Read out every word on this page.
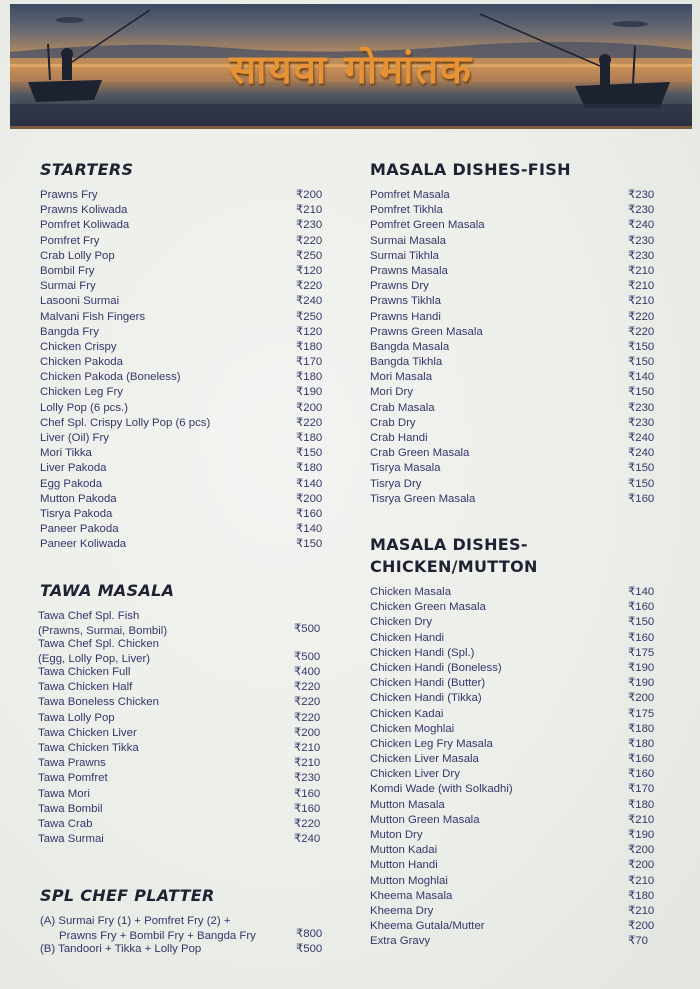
सायवा गोमांतक
STARTERS
Prawns Fry	₹200
Prawns Koliwada	₹210
Pomfret Koliwada	₹230
Pomfret Fry	₹220
Crab Lolly Pop	₹250
Bombil Fry	₹120
Surmai Fry	₹220
Lasooni Surmai	₹240
Malvani Fish Fingers	₹250
Bangda Fry	₹120
Chicken Crispy	₹180
Chicken Pakoda	₹170
Chicken Pakoda (Boneless)	₹180
Chicken Leg Fry	₹190
Lolly Pop (6 pcs.)	₹200
Chef Spl. Crispy Lolly Pop (6 pcs)	₹220
Liver (Oil) Fry	₹180
Mori Tikka	₹150
Liver Pakoda	₹180
Egg Pakoda	₹140
Mutton Pakoda	₹200
Tisrya Pakoda	₹160
Paneer Pakoda	₹140
Paneer Koliwada	₹150
TAWA MASALA
Tawa Chef Spl. Fish
(Prawns, Surmai, Bombil)	₹500
Tawa Chef Spl. Chicken
(Egg, Lolly Pop, Liver)	₹500
Tawa Chicken Full	₹400
Tawa Chicken Half	₹220
Tawa Boneless Chicken	₹220
Tawa Lolly Pop	₹220
Tawa Chicken Liver	₹200
Tawa Chicken Tikka	₹210
Tawa Prawns	₹210
Tawa Pomfret	₹230
Tawa Mori	₹160
Tawa Bombil	₹160
Tawa Crab	₹220
Tawa Surmai	₹240
SPL CHEF PLATTER
(A) Surmai Fry (1) + Pomfret Fry (2) +
Prawns Fry + Bombil Fry + Bangda Fry	₹800
(B) Tandoori + Tikka + Lolly Pop	₹500
MASALA DISHES-FISH
Pomfret Masala	₹230
Pomfret Tikhla	₹230
Pomfret Green Masala	₹240
Surmai Masala	₹230
Surmai Tikhla	₹230
Prawns Masala	₹210
Prawns Dry	₹210
Prawns Tikhla	₹210
Prawns Handi	₹220
Prawns Green Masala	₹220
Bangda Masala	₹150
Bangda Tikhla	₹150
Mori Masala	₹140
Mori Dry	₹150
Crab Masala	₹230
Crab Dry	₹230
Crab Handi	₹240
Crab Green Masala	₹240
Tisrya Masala	₹150
Tisrya Dry	₹150
Tisrya Green Masala	₹160
MASALA DISHES-
CHICKEN/MUTTON
Chicken Masala	₹140
Chicken Green Masala	₹160
Chicken Dry	₹150
Chicken Handi	₹160
Chicken Handi (Spl.)	₹175
Chicken Handi (Boneless)	₹190
Chicken Handi (Butter)	₹190
Chicken Handi (Tikka)	₹200
Chicken Kadai	₹175
Chicken Moghlai	₹180
Chicken Leg Fry Masala	₹180
Chicken Liver Masala	₹160
Chicken Liver Dry	₹160
Komdi Wade (with Solkadhi)	₹170
Mutton Masala	₹180
Mutton Green Masala	₹210
Muton Dry	₹190
Mutton Kadai	₹200
Mutton Handi	₹200
Mutton Moghlai	₹210
Kheema Masala	₹180
Kheema Dry	₹210
Kheema Gutala/Mutter	₹200
Extra Gravy	₹70
